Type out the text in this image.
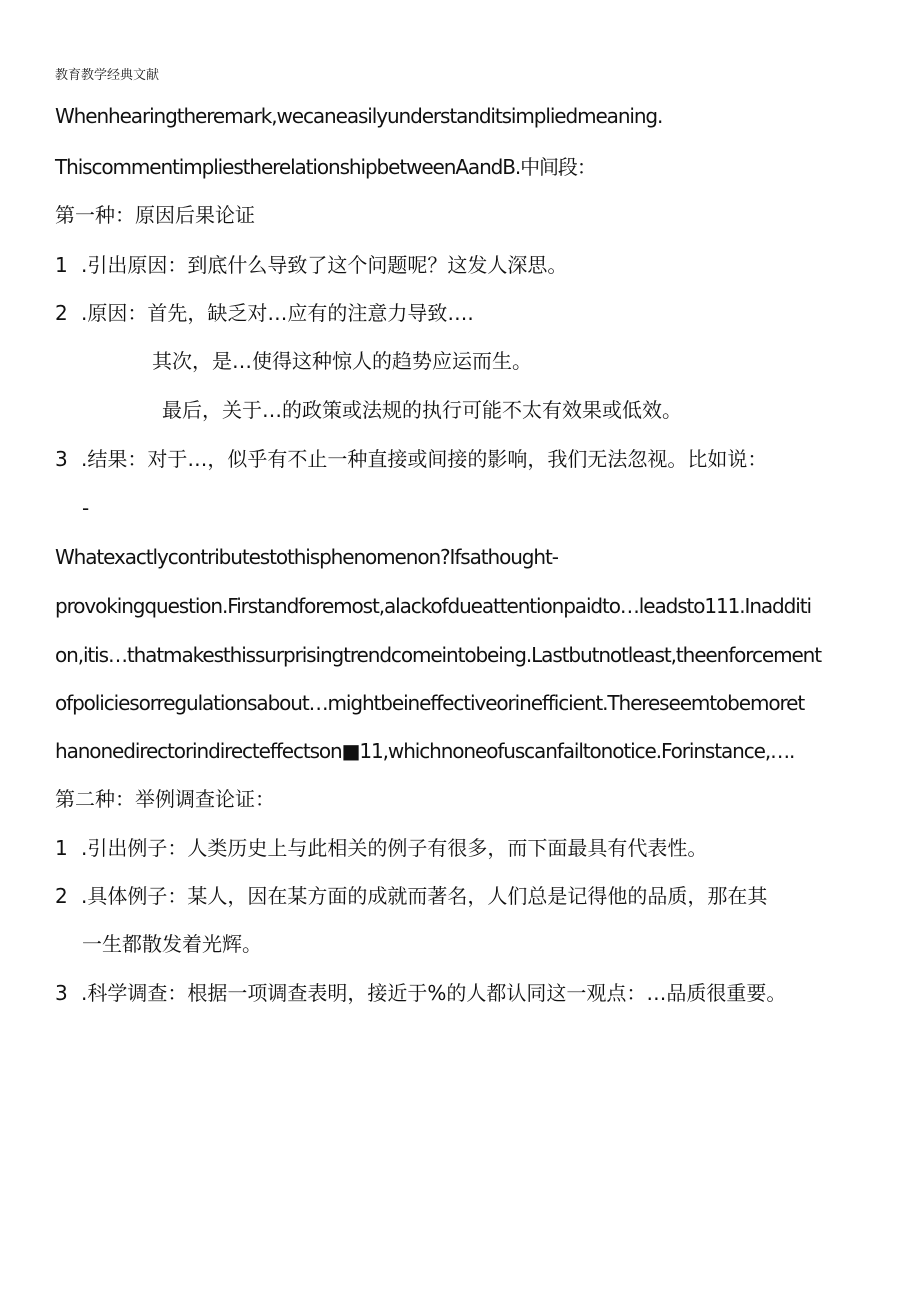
教育教学经典文献
Whenhearingtheremark,wecaneasilyunderstanditsimpliedmeaning.
ThiscommentimpliestherelationshipbetweenAandB.中间段：
第一种：原因后果论证
1 .引出原因：到底什么导致了这个问题呢？这发人深思。
2 .原因：首先，缺乏对…应有的注意力导致….
其次，是…使得这种惊人的趋势应运而生。
最后，关于…的政策或法规的执行可能不太有效果或低效。
3 .结果：对于…，似乎有不止一种直接或间接的影响，我们无法忽视。比如说：
-
Whatexactlycontributestothisphenomenon?Ifsathought-
provokingquestion.Firstandforemost,alackofdueattentionpaidto…leadsto111.Inadditi
on,itis…thatmakesthissurprisingtrendcomeintobeing.Lastbutnotleast,theenforcement
ofpoliciesorregulationsabout…mightbeineffectiveorinefficient.Thereseemtobemoret
hanonedirectorindirecteffectson■11,whichnoneofuscanfailtonotice.Forinstance,….
第二种：举例调查论证：
1 .引出例子：人类历史上与此相关的例子有很多，而下面最具有代表性。
2 .具体例子：某人，因在某方面的成就而著名，人们总是记得他的品质，那在其
一生都散发着光辉。
3 .科学调查：根据一项调查表明，接近于%的人都认同这一观点：…品质很重要。
